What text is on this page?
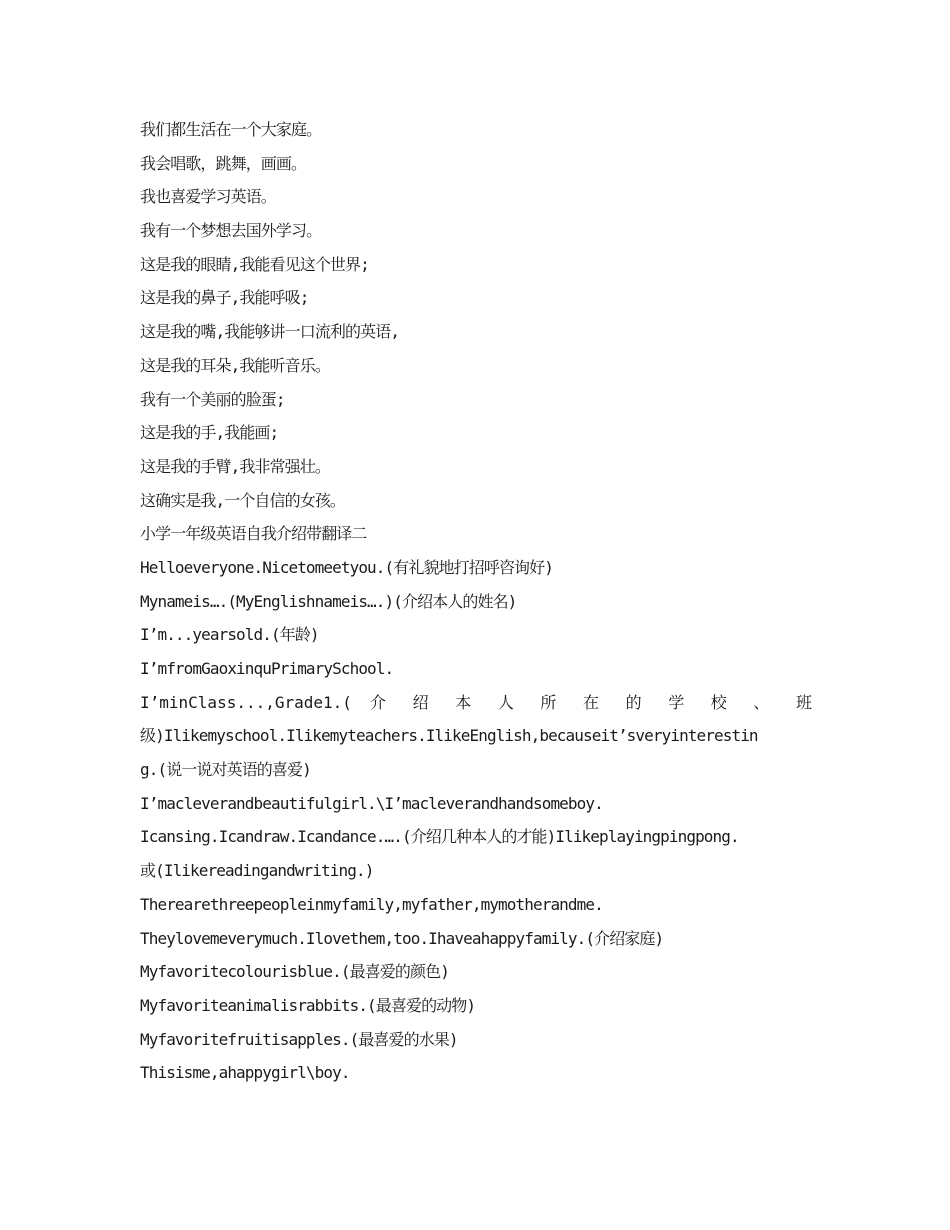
我们都生活在一个大家庭。
我会唱歌，跳舞，画画。
我也喜爱学习英语。
我有一个梦想去国外学习。
这是我的眼睛,我能看见这个世界;
这是我的鼻子,我能呼吸;
这是我的嘴,我能够讲一口流利的英语,
这是我的耳朵,我能听音乐。
我有一个美丽的脸蛋;
这是我的手,我能画;
这是我的手臂,我非常强壮。
这确实是我,一个自信的女孩。
小学一年级英语自我介绍带翻译二
Helloeveryone.Nicetomeetyou.(有礼貌地打招呼咨询好)
Mynameis….(MyEnglishnameis….)(介绍本人的姓名)
I’m...yearsold.(年龄)
I’mfromGaoxinquPrimarySchool.
I’minClass...,Grade1.( 介 绍 本 人 所 在 的 学 校 、 班
级)Ilikemyschool.Ilikemyteachers.IlikeEnglish,becauseit’sveryinterestin
g.(说一说对英语的喜爱)
I’macleverandbeautifulgirl.\I’macleverandhandsomeboy.
Icansing.Icandraw.Icandance.….(介绍几种本人的才能)Ilikeplayingpingpong.
或(Ilikereadingandwriting.)
Therearethreepeopleinmyfamily,myfather,mymotherandme.
Theylovemeverymuch.Ilovethem,too.Ihaveahappyfamily.(介绍家庭)
Myfavoritecolourisblue.(最喜爱的颜色)
Myfavoriteanimalisrabbits.(最喜爱的动物)
Myfavoritefruitisapples.(最喜爱的水果)
Thisisme,ahappygirl\boy.
